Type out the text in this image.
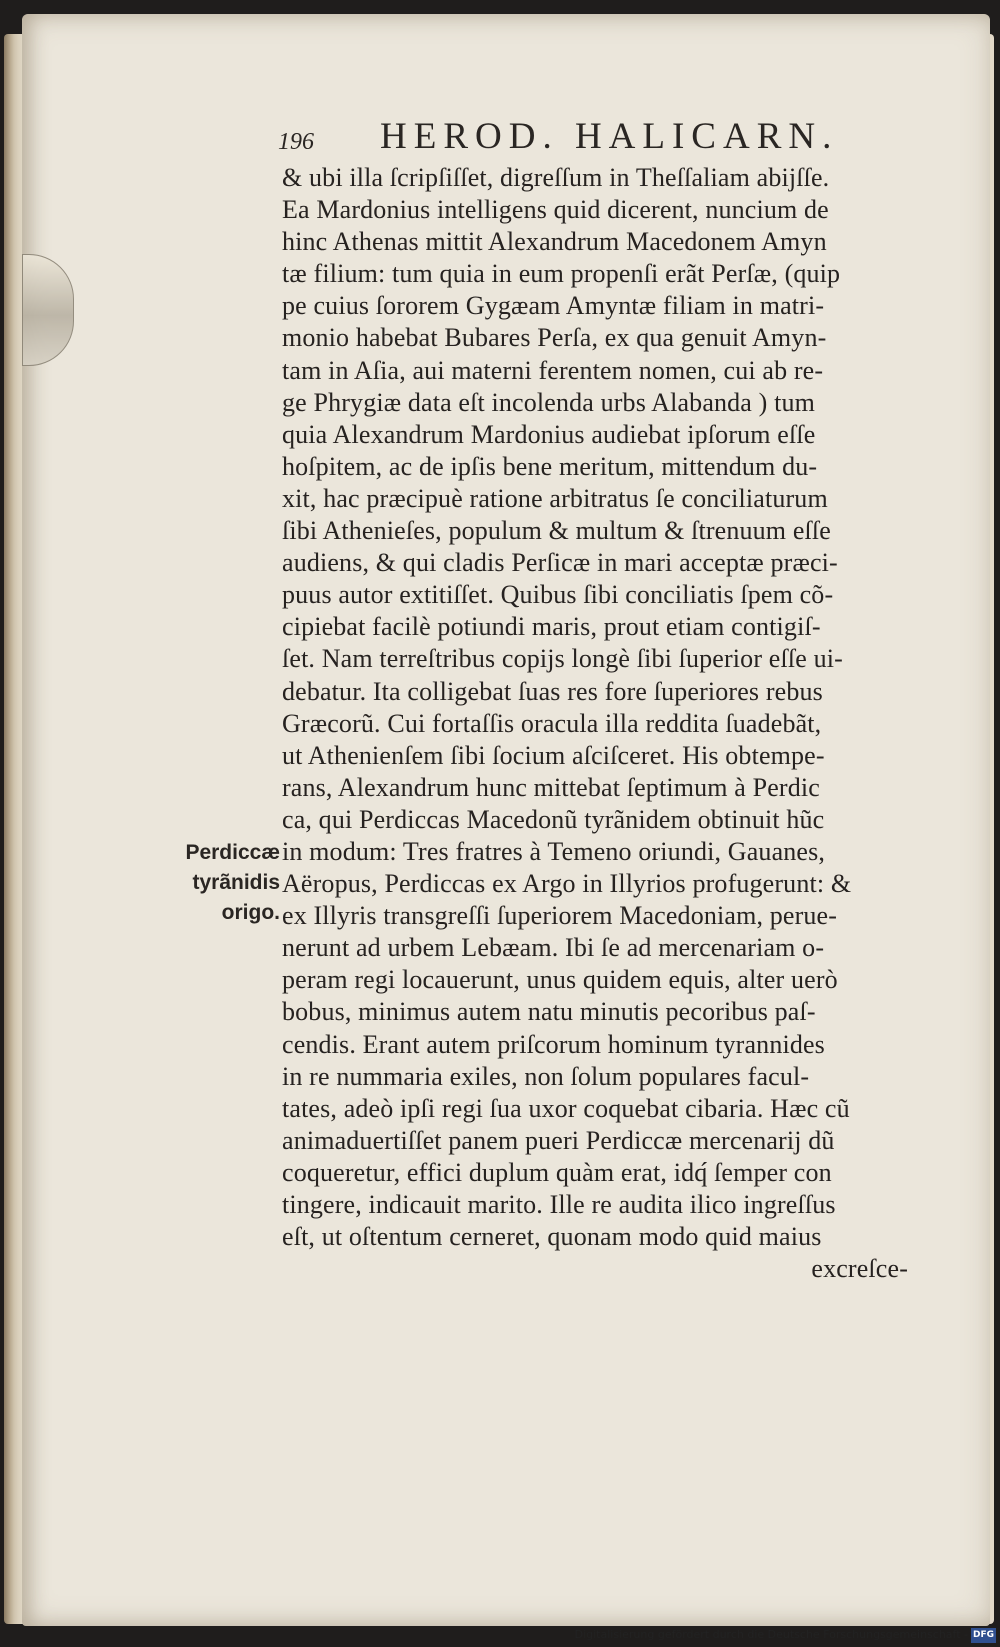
196 HEROD. HALICARN.
Perdiccæ
tyrãnidis
origo.
& ubi illa ſcripſiſſet, digreſſum in Theſſaliam abijſſe.
Ea Mardonius intelligens quid dicerent, nuncium de
hinc Athenas mittit Alexandrum Macedonem Amyn
tæ filium: tum quia in eum propenſi erãt Perſæ, (quip
pe cuius ſororem Gygæam Amyntæ filiam in matri-
monio habebat Bubares Perſa, ex qua genuit Amyn-
tam in Aſia, aui materni ferentem nomen, cui ab re-
ge Phrygiæ data eſt incolenda urbs Alabanda ) tum
quia Alexandrum Mardonius audiebat ipſorum eſſe
hoſpitem, ac de ipſis bene meritum, mittendum du-
xit, hac præcipuè ratione arbitratus ſe conciliaturum
ſibi Athenieſes, populum & multum & ſtrenuum eſſe
audiens, & qui cladis Perſicæ in mari acceptæ præci-
puus autor extitiſſet. Quibus ſibi conciliatis ſpem cõ-
cipiebat facilè potiundi maris, prout etiam contigiſ-
ſet. Nam terreſtribus copijs longè ſibi ſuperior eſſe ui-
debatur. Ita colligebat ſuas res fore ſuperiores rebus
Græcorũ. Cui fortaſſis oracula illa reddita ſuadebãt,
ut Athenienſem ſibi ſocium aſciſceret. His obtempe-
rans, Alexandrum hunc mittebat ſeptimum à Perdic
ca, qui Perdiccas Macedonũ tyrãnidem obtinuit hũc
in modum: Tres fratres à Temeno oriundi, Gauanes,
Aëropus, Perdiccas ex Argo in Illyrios profugerunt: &
ex Illyris transgreſſi ſuperiorem Macedoniam, perue-
nerunt ad urbem Lebæam. Ibi ſe ad mercenariam o-
peram regi locauerunt, unus quidem equis, alter uerò
bobus, minimus autem natu minutis pecoribus paſ-
cendis. Erant autem priſcorum hominum tyrannides
in re nummaria exiles, non ſolum populares facul-
tates, adeò ipſi regi ſua uxor coquebat cibaria. Hæc cũ
animaduertiſſet panem pueri Perdiccæ mercenarij dũ
coqueretur, effici duplum quàm erat, idq́ ſemper con
tingere, indicauit marito. Ille re audita ilico ingreſſus
eſt, ut oſtentum cerneret, quonam modo quid maius
excreſce-
Digitalisierung gefördert durch die Deutsche Forschungsgemeinschaft - DFG
